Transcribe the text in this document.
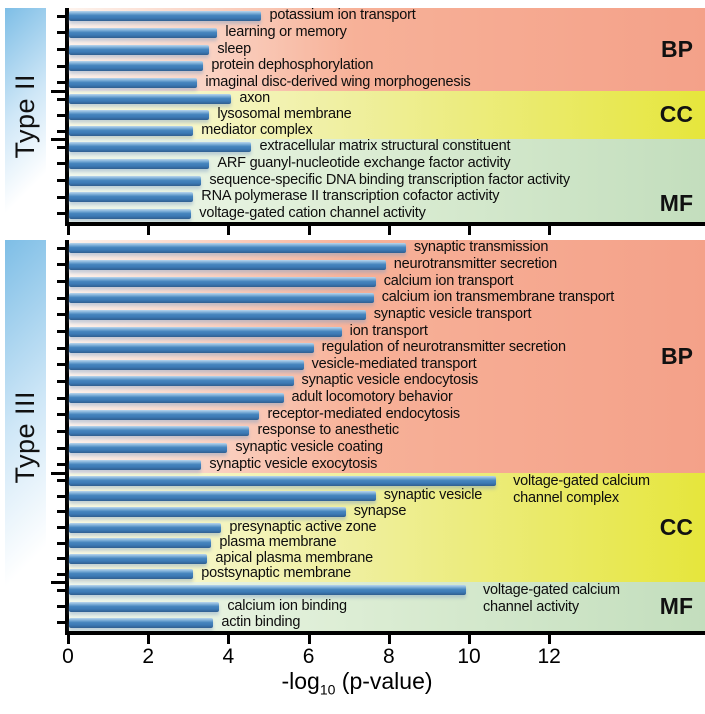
Type II
BP
CC
MF
potassium ion transport
learning or memory
sleep
protein dephosphorylation
imaginal disc-derived wing morphogenesis
axon
lysosomal membrane
mediator complex
extracellular matrix structural constituent
ARF guanyl-nucleotide exchange factor activity
sequence-specific DNA binding transcription factor activity
RNA polymerase II transcription cofactor activity
voltage-gated cation channel activity
Type III
BP
CC
MF
synaptic transmission
neurotransmitter secretion
calcium ion transport
calcium ion transmembrane transport
synaptic vesicle transport
ion transport
regulation of neurotransmitter secretion
vesicle-mediated transport
synaptic vesicle endocytosis
adult locomotory behavior
receptor-mediated endocytosis
response to anesthetic
synaptic vesicle coating
synaptic vesicle exocytosis
voltage-gated calcium
channel complex
synaptic vesicle
synapse
presynaptic active zone
plasma membrane
apical plasma membrane
postsynaptic membrane
voltage-gated calcium
channel activity
calcium ion binding
actin binding
0	2	4	6	8	10	12
$-\log_{10}$ (p-value)
